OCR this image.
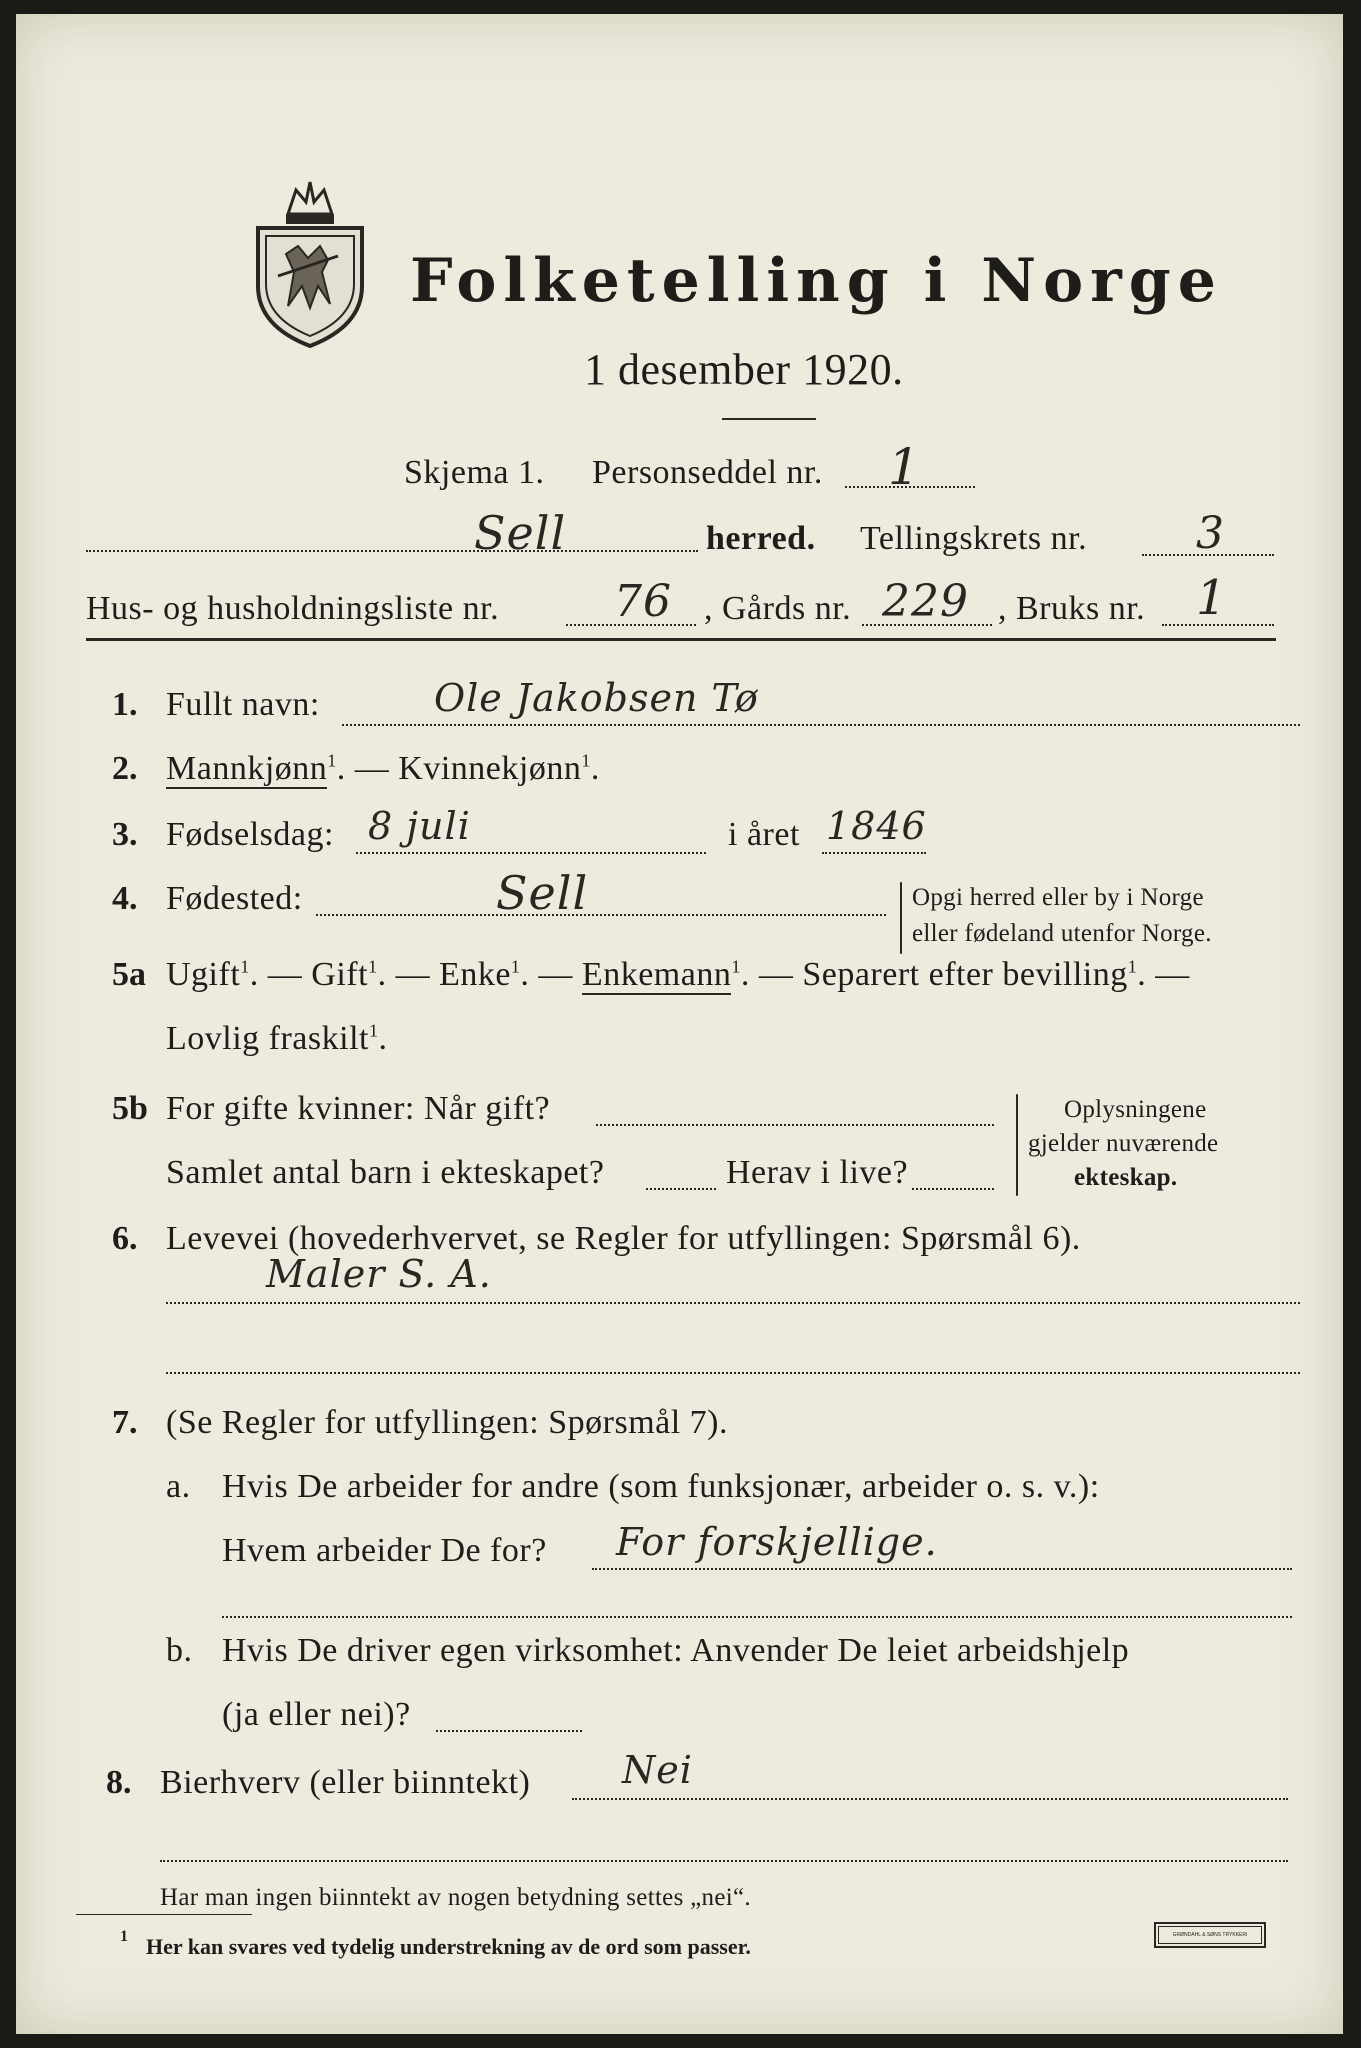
Folketelling i Norge
1 desember 1920.
Skjema 1. Personseddel nr. 1
Sell	herred. Tellingskrets nr. 3
Hus- og husholdningsliste nr.	76 , Gårds nr. 229 , Bruks nr. 1
1. Fullt navn:	Ole Jakobsen Tø
2. Mannkjønn$^1$. — Kvinnekjønn$^1$.
3. Fødselsdag: 8 juli	i året 1846
4. Fødested:	Sell	Opgi herred eller by i Norge
eller fødeland utenfor Norge.
5a Ugift$^1$. — Gift$^1$. — Enke$^1$. — Enkemann$^1$. — Separert efter bevilling$^1$. —
Lovlig fraskilt$^1$.
5b For gifte kvinner: Når gift?
Samlet antal barn i ekteskapet?	Herav i live?
Oplysningene
gjelder nuværende
ekteskap.
6. Levevei (hovederhvervet, se Regler for utfyllingen: Spørsmål 6).
Maler S. A.
7. (Se Regler for utfyllingen: Spørsmål 7).
a. Hvis De arbeider for andre (som funksjonær, arbeider o. s. v.):
Hvem arbeider De for? For forskjellige.
b. Hvis De driver egen virksomhet: Anvender De leiet arbeidshjelp
(ja eller nei)?
8. Bierhverv (eller biinntekt) Nei
Har man ingen biinntekt av nogen betydning settes „nei“.
1 Her kan svares ved tydelig understrekning av de ord som passer.	GRØNDAHL & SØNS TRYKKERI
